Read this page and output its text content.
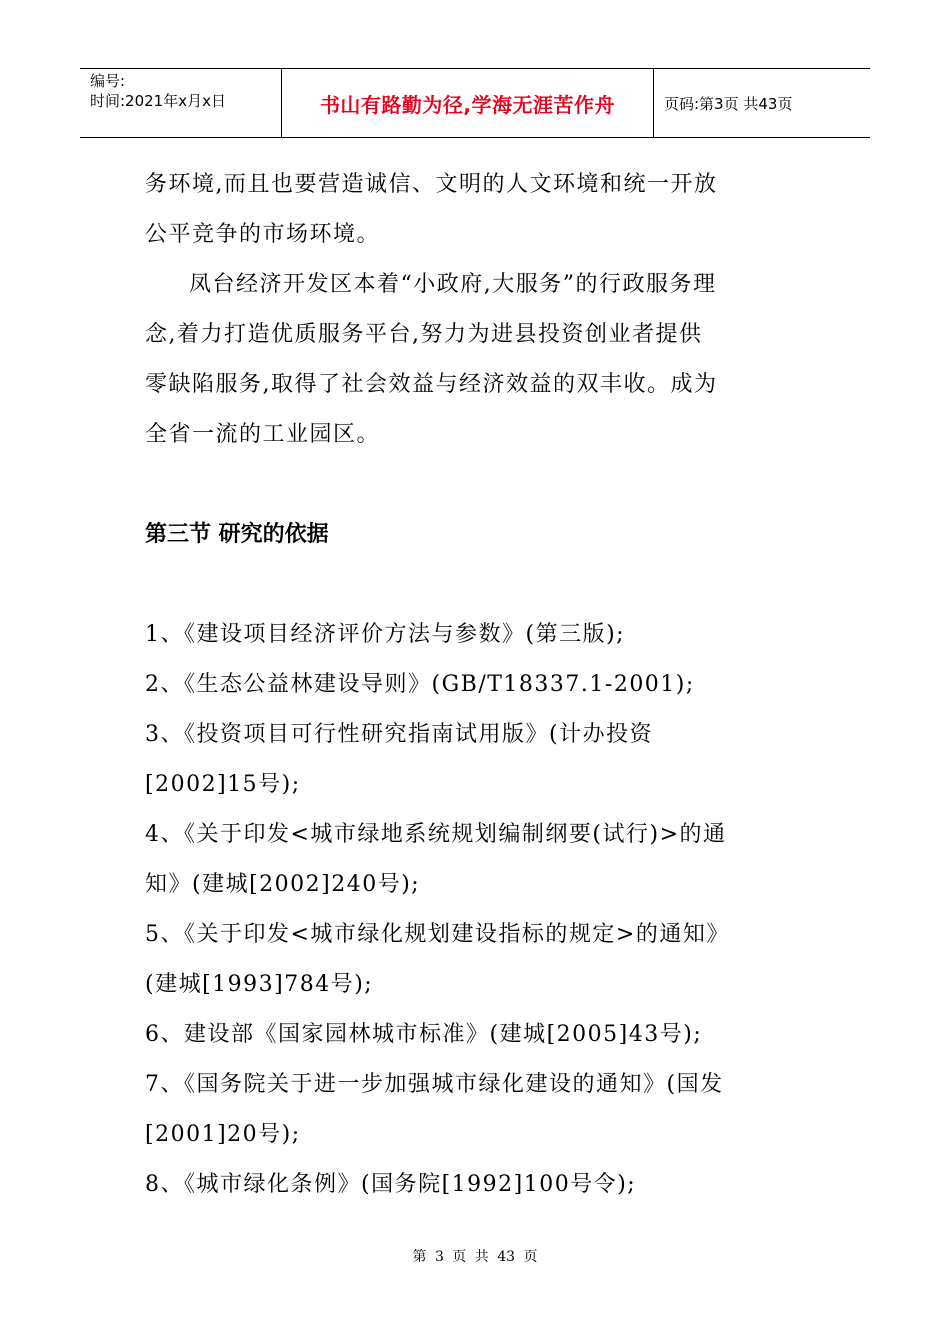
编号:
时间:2021年x月x日	书山有路勤为径,学海无涯苦作舟	页码:第3页 共43页
务环境,而且也要营造诚信、文明的人文环境和统一开放
公平竞争的市场环境。
凤台经济开发区本着“小政府,大服务”的行政服务理
念,着力打造优质服务平台,努力为进县投资创业者提供
零缺陷服务,取得了社会效益与经济效益的双丰收。成为
全省一流的工业园区。
第三节 研究的依据
1、《建设项目经济评价方法与参数》(第三版);
2、《生态公益林建设导则》(GB/T18337.1-2001);
3、《投资项目可行性研究指南试用版》(计办投资
[2002]15号);
4、《关于印发<城市绿地系统规划编制纲要(试行)>的通
知》(建城[2002]240号);
5、《关于印发<城市绿化规划建设指标的规定>的通知》
(建城[1993]784号);
6、建设部《国家园林城市标准》(建城[2005]43号);
7、《国务院关于进一步加强城市绿化建设的通知》(国发
[2001]20号);
8、《城市绿化条例》(国务院[1992]100号令);
第 3 页 共 43 页
